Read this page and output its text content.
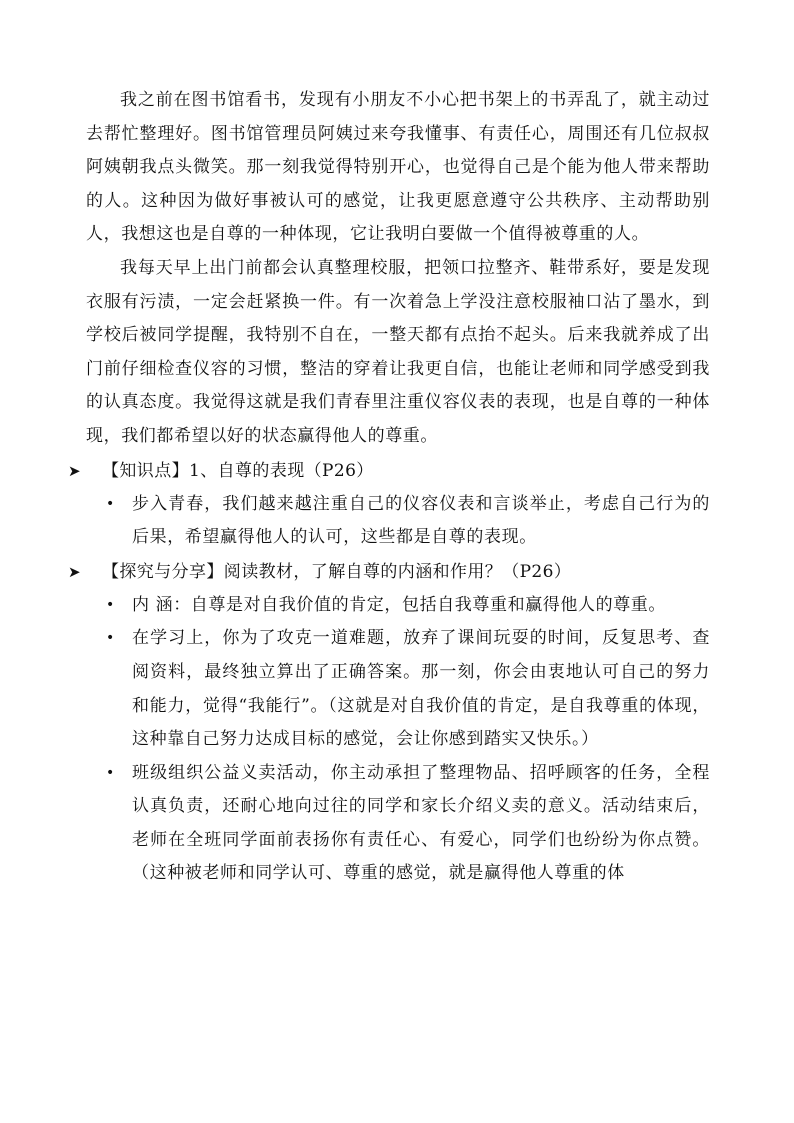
我之前在图书馆看书，发现有小朋友不小心把书架上的书弄乱了，就主动过去帮忙整理好。图书馆管理员阿姨过来夸我懂事、有责任心，周围还有几位叔叔阿姨朝我点头微笑。那一刻我觉得特别开心，也觉得自己是个能为他人带来帮助的人。这种因为做好事被认可的感觉，让我更愿意遵守公共秩序、主动帮助别人，我想这也是自尊的一种体现，它让我明白要做一个值得被尊重的人。

我每天早上出门前都会认真整理校服，把领口拉整齐、鞋带系好，要是发现衣服有污渍，一定会赶紧换一件。有一次着急上学没注意校服袖口沾了墨水，到学校后被同学提醒，我特别不自在，一整天都有点抬不起头。后来我就养成了出门前仔细检查仪容的习惯，整洁的穿着让我更自信，也能让老师和同学感受到我的认真态度。我觉得这就是我们青春里注重仪容仪表的表现，也是自尊的一种体现，我们都希望以好的状态赢得他人的尊重。

➤ 【知识点】1、自尊的表现（P26）
• 步入青春，我们越来越注重自己的仪容仪表和言谈举止，考虑自己行为的后果，希望赢得他人的认可，这些都是自尊的表现。
➤ 【探究与分享】阅读教材，了解自尊的内涵和作用？（P26）
• 内 涵：自尊是对自我价值的肯定，包括自我尊重和赢得他人的尊重。
• 在学习上，你为了攻克一道难题，放弃了课间玩耍的时间，反复思考、查阅资料，最终独立算出了正确答案。那一刻，你会由衷地认可自己的努力和能力，觉得“我能行”。（这就是对自我价值的肯定，是自我尊重的体现，这种靠自己努力达成目标的感觉，会让你感到踏实又快乐。）
• 班级组织公益义卖活动，你主动承担了整理物品、招呼顾客的任务，全程认真负责，还耐心地向过往的同学和家长介绍义卖的意义。活动结束后，老师在全班同学面前表扬你有责任心、有爱心，同学们也纷纷为你点赞。（这种被老师和同学认可、尊重的感觉，就是赢得他人尊重的体
